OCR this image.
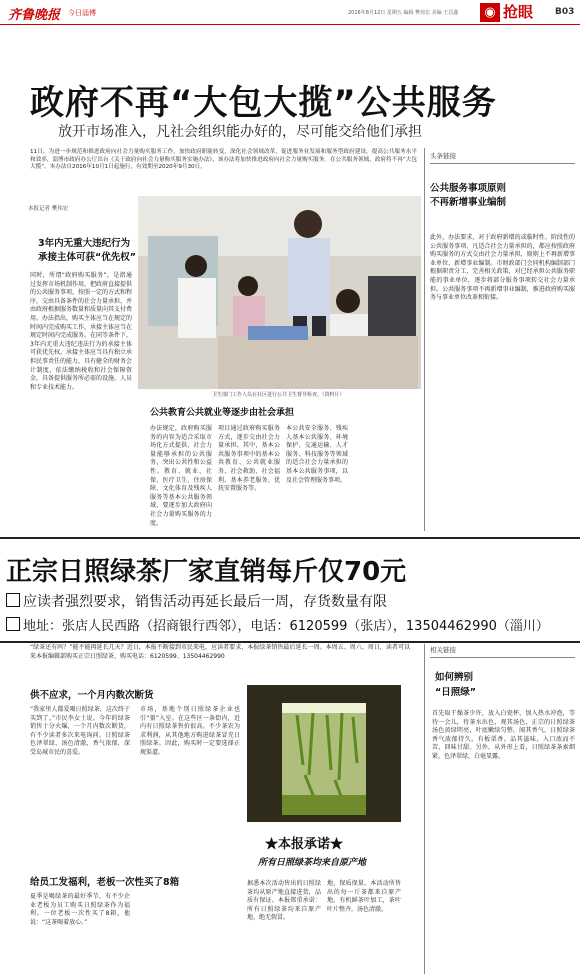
齐鲁晚报 今日淄博	2016年8月12日 星期五 编辑 樊伟宏 美编 王昌鑫	◉ 抢眼 B03
政府不再“大包大揽”公共服务
放开市场准入，凡社会组织能办好的，尽可能交给他们承担
11日，为进一步规范和推进政府向社会力量购买服务工作，加快政府职能转变，深化社会领域改革，促进服务业发展和服务型政府建设，提高公共服务水平和效率，淄博市政府办公厅出台《关于政府向社会力量购买服务实施办法》，该办法将加快推进政府向社会力量购买服务。在公共服务领域，政府将不再“大包大揽”。本办法自2016年10月1日起施行，有效期至2020年9月30日。
头条链接
公共服务事项原则
不再新增事业编制
此外，办法要求，对于政府新增的或临时性、阶段性的公共服务事项，凡适合社会力量承担的，都应按照政府购买服务的方式交由社会力量承担，原则上不再新增事业单位、新增事业编制。市财政部门会同机构编制部门根据职责分工，完善相关政策，对已经承担公共服务职能的事业单位，逐步将部分服务事项转交社会力量承担。公共服务事项不再新增事业编制，推进政府购买服务与事业单位改革相衔接。
本报记者 樊伟宏
3年内无重大违纪行为
承接主体可获“优先权”
同时，所谓“政府购买服务”，是指通过发挥市场机制作用，把政府直接提供的公共服务事项，按照一定的方式和程序，交由具备条件的社会力量承担，并由政府根据服务数量和质量向其支付费用。办法指出，购买主体应当在规定的时间内完成购买工作，承接主体应当在规定时间内完成服务。在同等条件下，3年内无重大违纪违法行为的承接主体可获优先权。承接主体应当具有独立承担民事责任的能力，具有健全的财务会计制度，依法缴纳税收和社会保障资金，具备提供服务所必需的设施、人员和专业技术能力。
卫生部门工作人员在社区进行公共卫生督导检查。（资料片）
公共教育公共就业等逐步由社会承担
办法规定，政府购买服务的内容为适合采取市场化方式提供、社会力量能够承担的公共服务，突出公共性和公益性。教育、就业、社保、医疗卫生、住房保障、文化体育及残疾人服务等基本公共服务领域，要逐步加大政府向社会力量购买服务的力度。
项目通过政府购买服务方式，逐步交由社会力量承担。其中，基本公共服务事项中的基本公共教育、公共就业服务、社会救助、社会福利、基本养老服务、优抚安置服务等。
本公共安全服务、残疾人基本公共服务、环境保护、交通运输、人才服务、科技服务等领域的适合社会力量承担的基本公共服务事项，以及社会管理服务事项。
正宗日照绿茶厂家直销每斤仅70元
应读者强烈要求，销售活动再延长最后一周，存货数量有限
地址：张店人民西路（招商银行西邻），电话：6120599（张店），13504462990（淄川）
“绿茶还有吗？”能不能再延长几天？近日，本报不断接到市民来电，应读者要求，本报绿茶销售最后延长一周。本周五、周六、周日，读者可以来本报编辑部购买正宗日照绿茶，购买电话：6120599、13504462990
供不应求，一个月内数次断货
“我家里人都爱喝日照绿茶，这次终于买到了。”市民李女士说。今年的绿茶销售十分火爆，一个月内数次断货，有不少读者多次来电询问。日照绿茶色泽翠绿，汤色清澈，香气浓郁，深受岛城市民的喜爱。
给员工发福利，老板一次性买了8箱
夏季是喝绿茶的最好季节，有不少企业老板为员工购买日照绿茶作为福利。一位老板一次性买了8箱，他说：“这茶喝着放心。”
市场，基地个别日照绿茶企业也引“狼”入室。在这些区一条街内，近内有日照绿茶售价很高。不少茶农为求利润，从其他地方购进绿茶冒充日照绿茶。因此，购买时一定要选择正规渠道。
★本报承诺★
所有日照绿茶均来自原产地
据悉本次活动售出的日照绿茶均从原产地直接进货，品质有保证。本报郑重承诺：所有日照绿茶均来自原产地，绝无假冒。
地，保质保量。本活动所售出的每一斤茶都来自原产地，有机鲜茶叶加工，茶叶叶片整齐，汤色清澈。
相关链接
如何辨别
“日照绿”
首先取干燥茶少许，放入白瓷杯，加入热水冲泡，等待一会儿，待茶水出色，观其汤色，正宗的日照绿茶汤色黄绿明亮，叶底嫩绿匀整。闻其香气，日照绿茶香气浓郁持久，有板栗香。品其滋味，入口浓而不苦，回味甘甜。另外，从外形上看，日照绿茶条索细紧，色泽翠绿，白毫显露。
